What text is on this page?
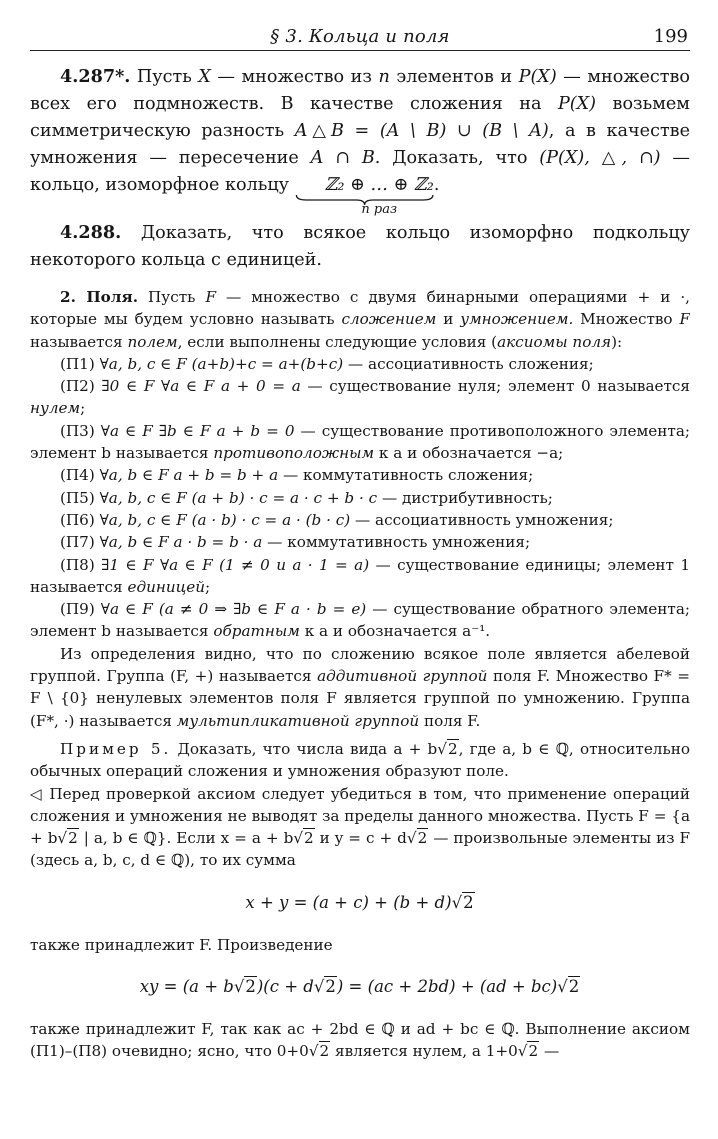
§ 3. Кольца и поля	199

4.287*. Пусть X — множество из n элементов и P(X) — множество всех его подмножеств. В качестве сложения на P(X) возьмем симметрическую разность A△B = (A \ B) ∪ (B \ A), а в качестве умножения — пересечение A ∩ B. Доказать, что (P(X), △, ∩) — кольцо, изоморфное кольцу ℤ₂ ⊕ … ⊕ ℤ₂
n раз
.

4.288. Доказать, что всякое кольцо изоморфно подкольцу некоторого кольца с единицей.

2. Поля. Пусть F — множество с двумя бинарными операциями + и ·, которые мы будем условно называть сложением и умножением. Множество F называется полем, если выполнены следующие условия (аксиомы поля):

(П1) ∀a, b, c ∈ F (a+b)+c = a+(b+c) — ассоциативность сложения;

(П2) ∃0 ∈ F ∀a ∈ F a + 0 = a — существование нуля; элемент 0 называется нулем;

(П3) ∀a ∈ F ∃b ∈ F a + b = 0 — существование противоположного элемента; элемент b называется противоположным к a и обозначается −a;

(П4) ∀a, b ∈ F a + b = b + a — коммутативность сложения;

(П5) ∀a, b, c ∈ F (a + b) · c = a · c + b · c — дистрибутивность;

(П6) ∀a, b, c ∈ F (a · b) · c = a · (b · c) — ассоциативность умножения;

(П7) ∀a, b ∈ F a · b = b · a — коммутативность умножения;

(П8) ∃1 ∈ F ∀a ∈ F (1 ≠ 0 и a · 1 = a) — существование единицы; элемент 1 называется единицей;

(П9) ∀a ∈ F (a ≠ 0 ⇒ ∃b ∈ F a · b = e) — существование обратного элемента; элемент b называется обратным к a и обозначается a⁻¹.

Из определения видно, что по сложению всякое поле является абелевой группой. Группа (F, +) называется аддитивной группой поля F. Множество F* = F \ {0} ненулевых элементов поля F является группой по умножению. Группа (F*, ·) называется мультипликативной группой поля F.

Пример 5. Доказать, что числа вида a + b√2, где a, b ∈ ℚ, относительно обычных операций сложения и умножения образуют поле.

◁ Перед проверкой аксиом следует убедиться в том, что применение операций сложения и умножения не выводят за пределы данного множества. Пусть F = {a + b√2 | a, b ∈ ℚ}. Если x = a + b√2 и y = c + d√2 — произвольные элементы из F (здесь a, b, c, d ∈ ℚ), то их сумма

x + y = (a + c) + (b + d)√2

также принадлежит F. Произведение

xy = (a + b√2)(c + d√2) = (ac + 2bd) + (ad + bc)√2

также принадлежит F, так как ac + 2bd ∈ ℚ и ad + bc ∈ ℚ. Выполнение аксиом (П1)–(П8) очевидно; ясно, что 0+0√2 является нулем, а 1+0√2 —
